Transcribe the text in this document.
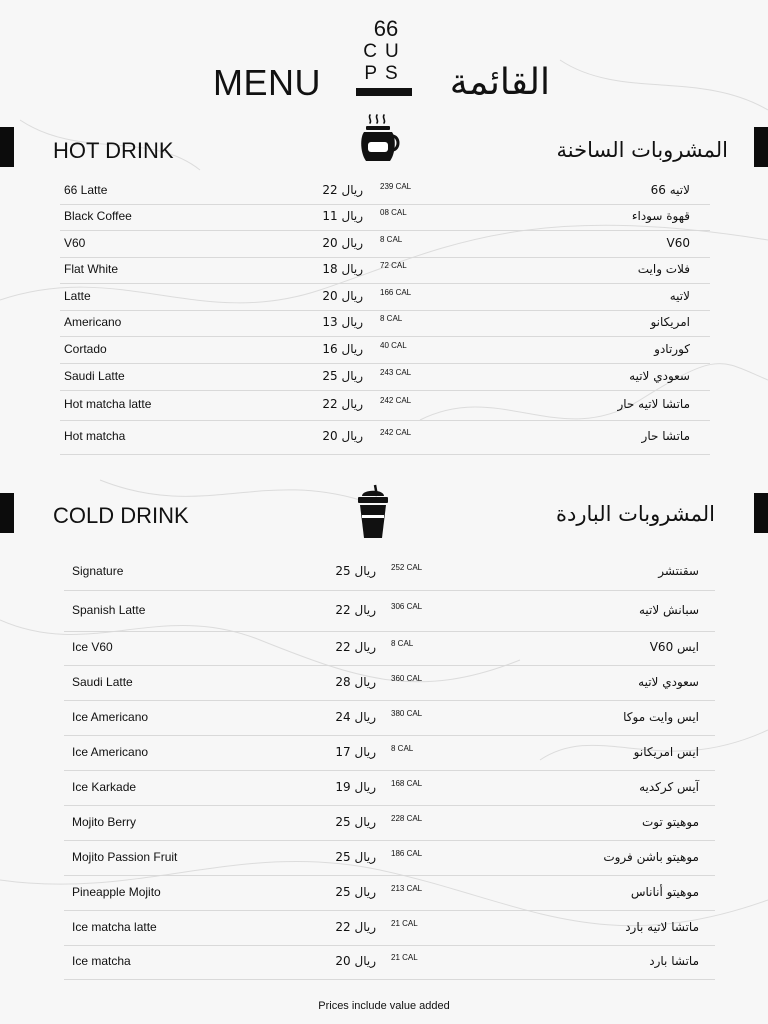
66
CU
PS
MENU	القائمة
HOT DRINK	المشروبات الساخنة
66 Latte	22 ريال 239 CAL	لاتيه 66
Black Coffee	11 ريال 08 CAL	قهوة سوداء
V60	20 ريال 8 CAL	V60
Flat White	18 ريال 72 CAL	فلات وايت
Latte	20 ريال 166 CAL	لاتيه
Americano	13 ريال 8 CAL	امريكانو
Cortado	16 ريال 40 CAL	كورتادو
Saudi Latte	25 ريال 243 CAL	سعودي لاتيه
Hot matcha latte	22 ريال 242 CAL	ماتشا لاتيه حار
Hot matcha	20 ريال 242 CAL	ماتشا حار
COLD DRINK	المشروبات الباردة
Signature	25 ريال 252 CAL	سقنتشر
Spanish Latte	22 ريال 306 CAL	سبانش لاتيه
Ice V60	22 ريال 8 CAL	ايس V60
Saudi Latte	28 ريال 360 CAL	سعودي لاتيه
Ice Americano	24 ريال 380 CAL	ايس وايت موكا
Ice Americano	17 ريال 8 CAL	ايس امريكانو
Ice Karkade	19 ريال 168 CAL	آيس كركديه
Mojito Berry	25 ريال 228 CAL	موهيتو توت
Mojito Passion Fruit	25 ريال 186 CAL	موهيتو باشن فروت
Pineapple Mojito	25 ريال 213 CAL	موهيتو أناناس
Ice matcha latte	22 ريال 21 CAL	ماتشا لاتيه بارد
Ice matcha	20 ريال 21 CAL	ماتشا بارد
Prices include value added
